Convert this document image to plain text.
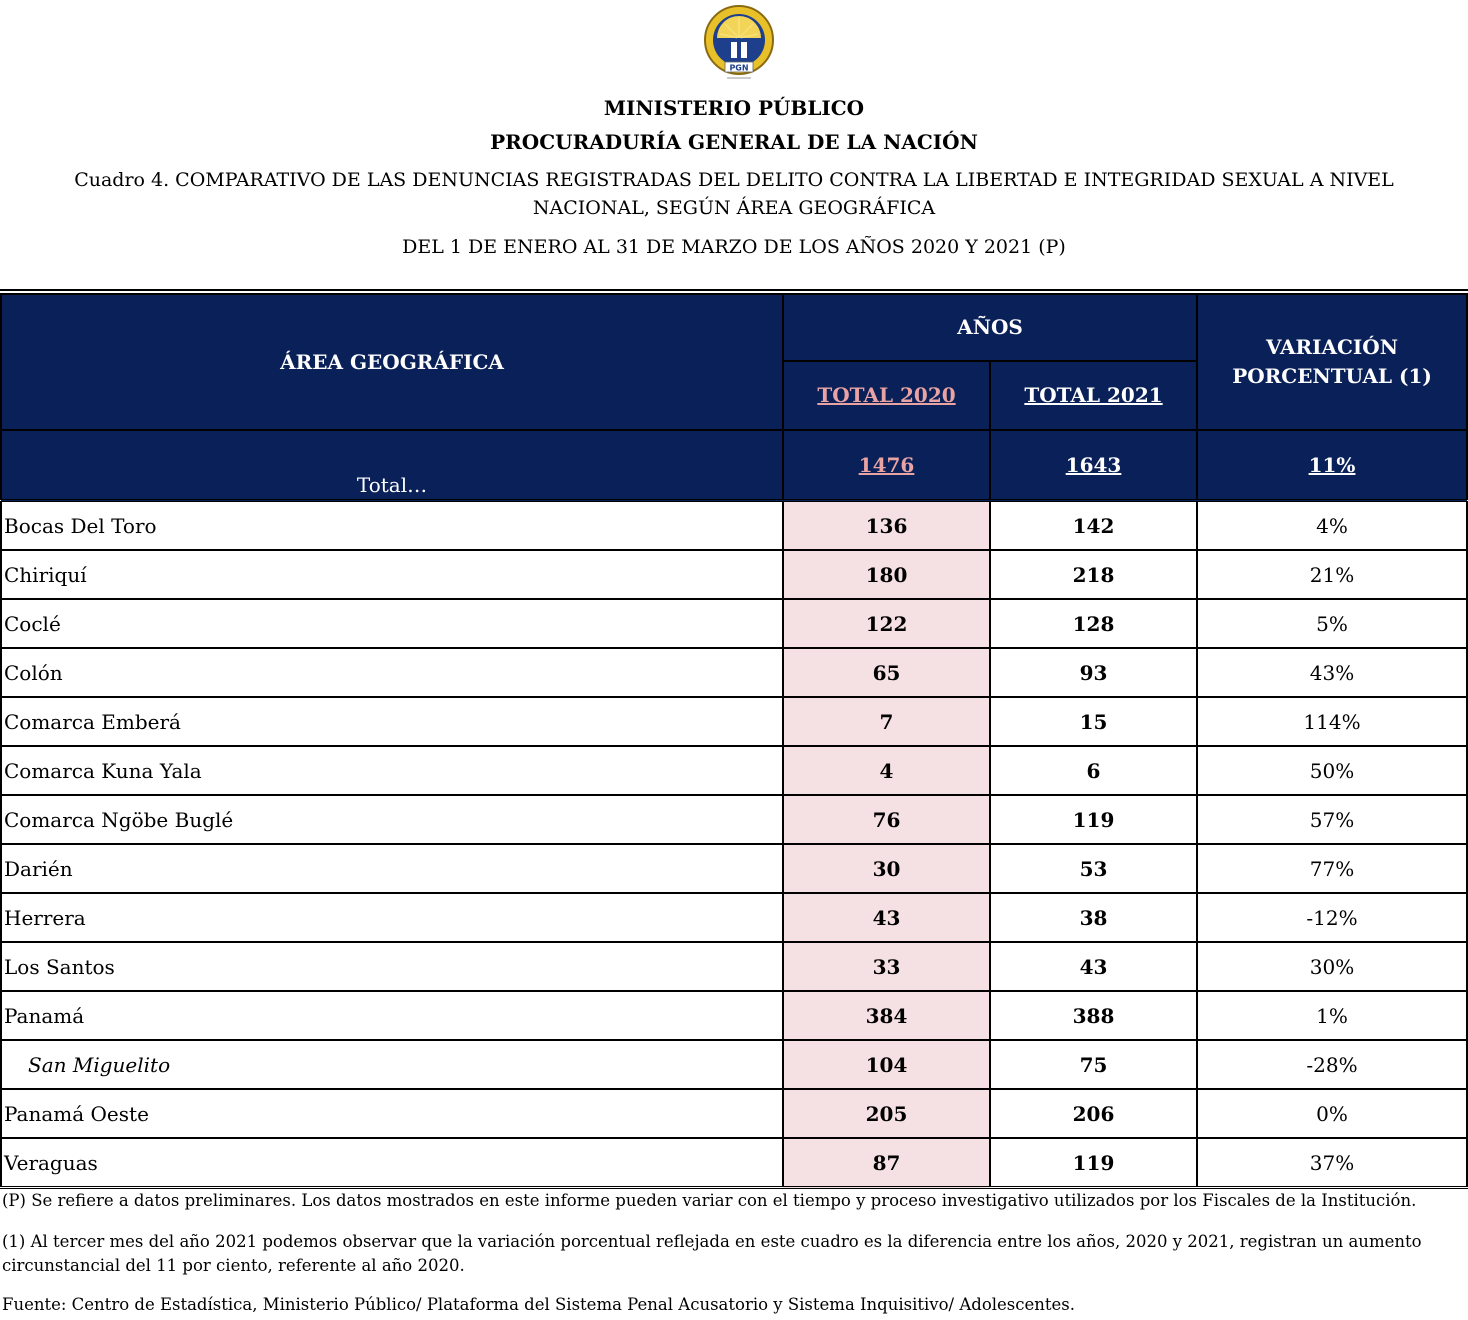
PGN
MINISTERIO PÚBLICO
PROCURADURÍA GENERAL DE LA NACIÓN
Cuadro 4. COMPARATIVO DE LAS DENUNCIAS REGISTRADAS DEL DELITO CONTRA LA LIBERTAD E INTEGRIDAD SEXUAL A NIVEL NACIONAL, SEGÚN ÁREA GEOGRÁFICA
DEL 1 DE ENERO AL 31 DE MARZO DE LOS AÑOS 2020 Y 2021 (P)
ÁREA GEOGRÁFICA	AÑOS		VARIACIÓN PORCENTUAL (1)
	TOTAL 2020	TOTAL 2021	
Total…	1476	1643	11%
Bocas Del Toro	136	142	4%
Chiriquí	180	218	21%
Coclé	122	128	5%
Colón	65	93	43%
Comarca Emberá	7	15	114%
Comarca Kuna Yala	4	6	50%
Comarca Ngöbe Buglé	76	119	57%
Darién	30	53	77%
Herrera	43	38	-12%
Los Santos	33	43	30%
Panamá	384	388	1%
San Miguelito	104	75	-28%
Panamá Oeste	205	206	0%
Veraguas	87	119	37%
(P) Se refiere a datos preliminares. Los datos mostrados en este informe pueden variar con el tiempo y proceso investigativo utilizados por los Fiscales de la Institución.
(1) Al tercer mes del año 2021 podemos observar que la variación porcentual reflejada en este cuadro es la diferencia entre los años, 2020 y 2021, registran un aumento circunstancial del 11 por ciento, referente al año 2020.
Fuente: Centro de Estadística, Ministerio Público/ Plataforma del Sistema Penal Acusatorio y Sistema Inquisitivo/ Adolescentes.
